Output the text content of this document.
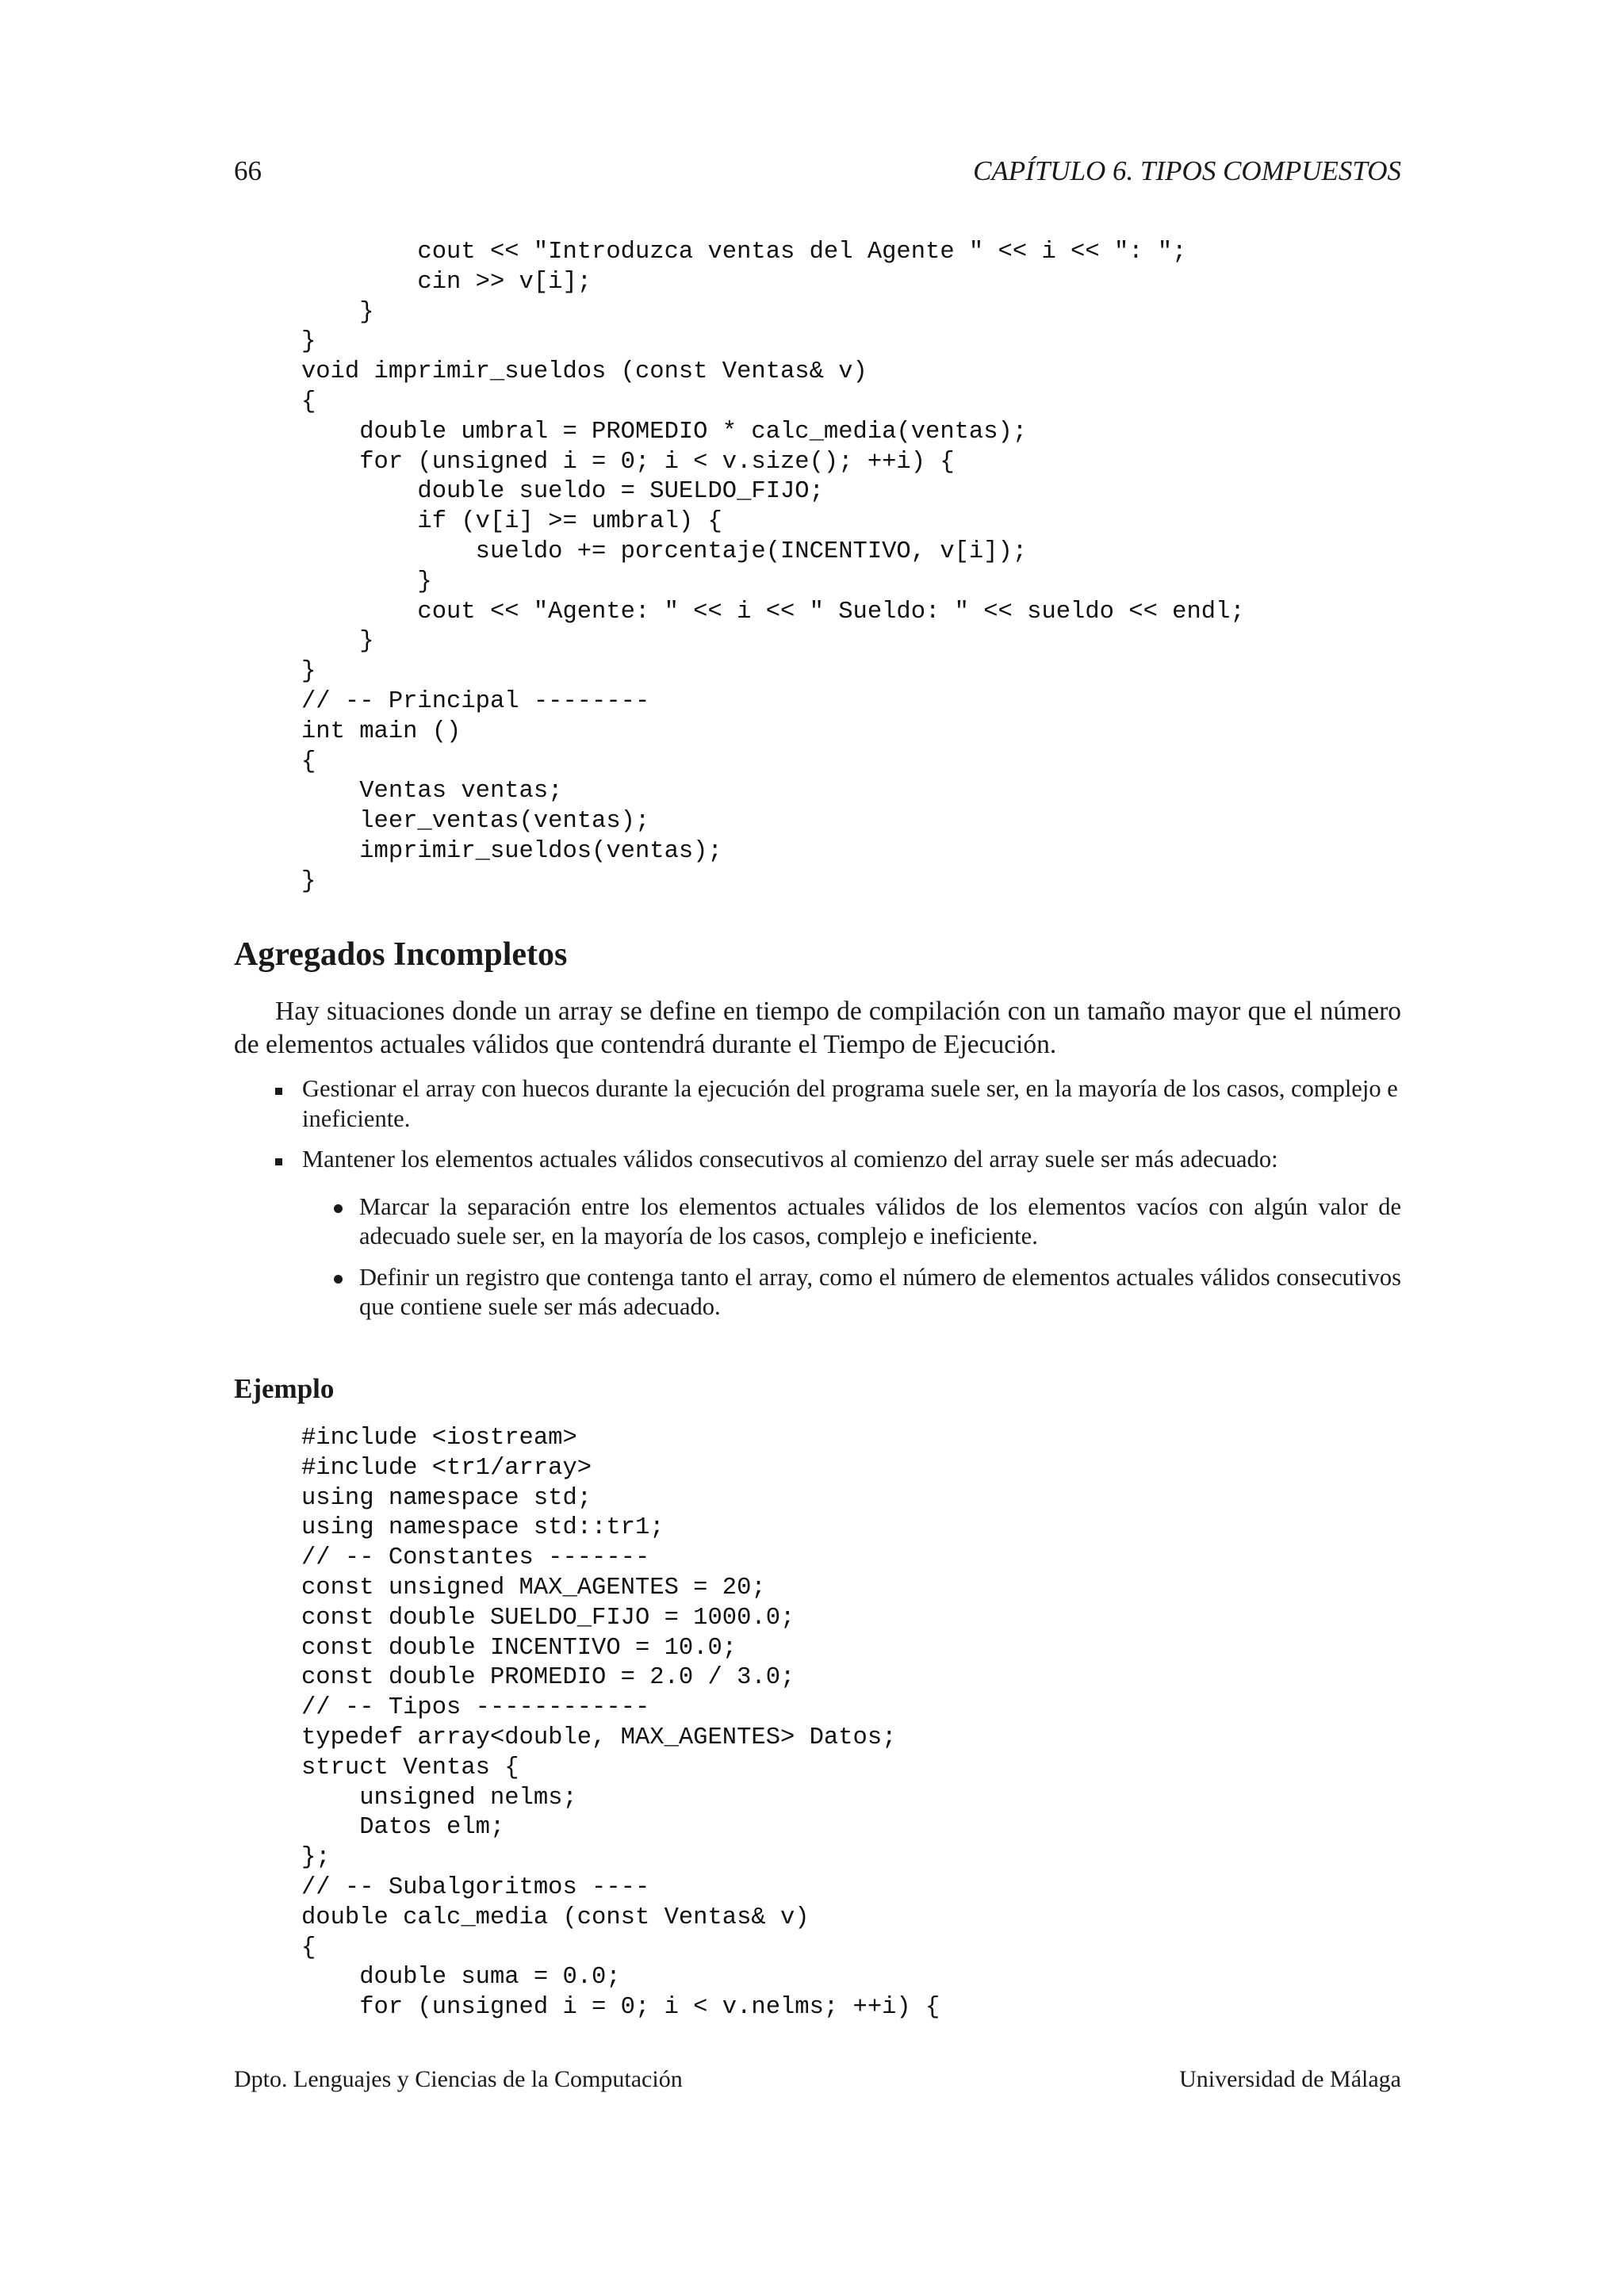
66	CAPÍTULO 6. TIPOS COMPUESTOS
cout << "Introduzca ventas del Agente " << i << ": ";
cin >> v[i];
}
}
void imprimir_sueldos (const Ventas& v)
{
double umbral = PROMEDIO * calc_media(ventas);
for (unsigned i = 0; i < v.size(); ++i) {
double sueldo = SUELDO_FIJO;
if (v[i] >= umbral) {
sueldo += porcentaje(INCENTIVO, v[i]);
}
cout << "Agente: " << i << " Sueldo: " << sueldo << endl;
}
}
// -- Principal --------
int main ()
{
Ventas ventas;
leer_ventas(ventas);
imprimir_sueldos(ventas);
}
Agregados Incompletos

Hay situaciones donde un array se define en tiempo de compilación con un tamaño mayor que el número de elementos actuales válidos que contendrá durante el Tiempo de Ejecución.

Gestionar el array con huecos durante la ejecución del programa suele ser, en la mayoría de los casos, complejo e ineficiente.
Mantener los elementos actuales válidos consecutivos al comienzo del array suele ser más adecuado:
Marcar la separación entre los elementos actuales válidos de los elementos vacíos con algún valor de adecuado suele ser, en la mayoría de los casos, complejo e ineficiente.
Definir un registro que contenga tanto el array, como el número de elementos actuales válidos consecutivos que contiene suele ser más adecuado.
Ejemplo
#include <iostream>
#include <tr1/array>
using namespace std;
using namespace std::tr1;
// -- Constantes -------
const unsigned MAX_AGENTES = 20;
const double SUELDO_FIJO = 1000.0;
const double INCENTIVO = 10.0;
const double PROMEDIO = 2.0 / 3.0;
// -- Tipos ------------
typedef array<double, MAX_AGENTES> Datos;
struct Ventas {
unsigned nelms;
Datos elm;
};
// -- Subalgoritmos ----
double calc_media (const Ventas& v)
{
double suma = 0.0;
for (unsigned i = 0; i < v.nelms; ++i) {
Dpto. Lenguajes y Ciencias de la Computación	Universidad de Málaga
